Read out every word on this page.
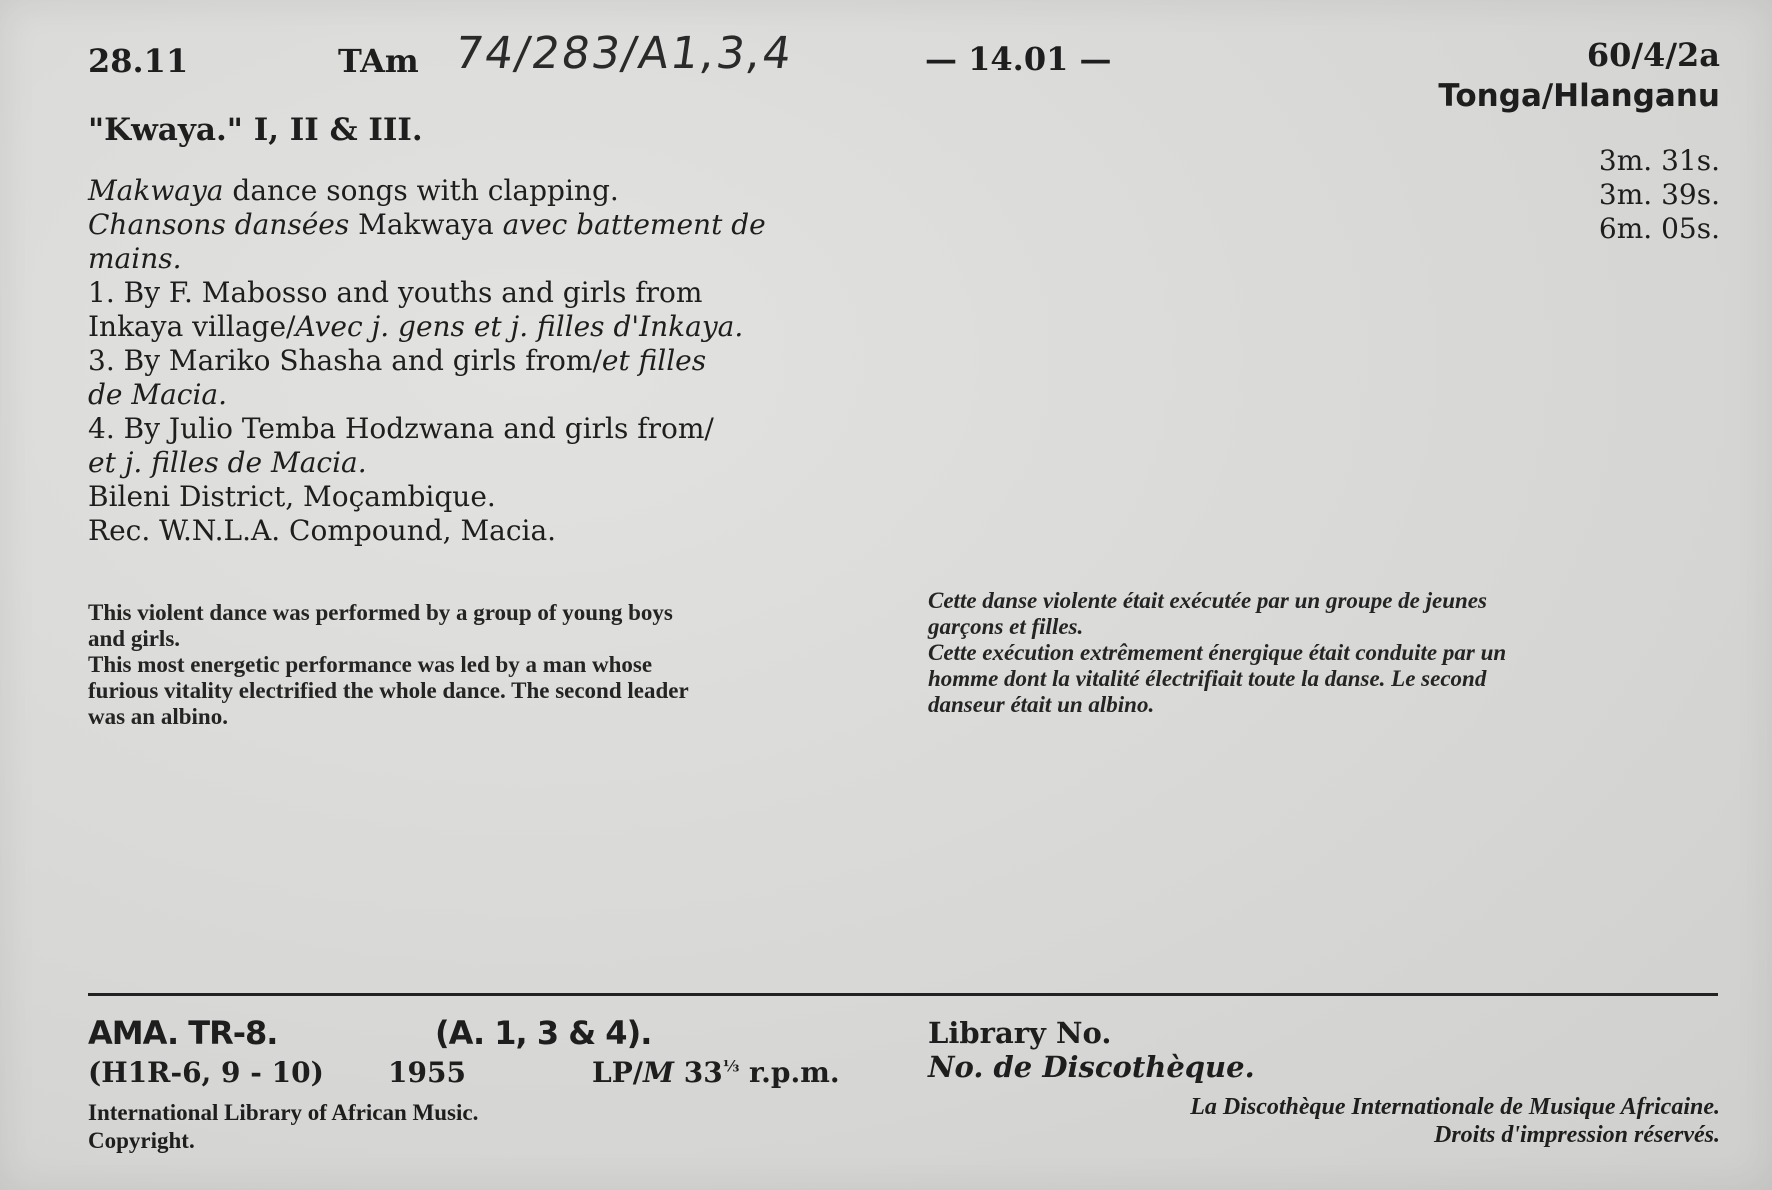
28.11	TAm 74/283/A1,3,4	— 14.01 —	60/4/2a
Tonga/Hlanganu
"Kwaya." I, II & III.
3m. 31s.
3m. 39s.
6m. 05s.
Makwaya dance songs with clapping.
Chansons dansées Makwaya avec battement de
mains.
1. By F. Mabosso and youths and girls from
Inkaya village/Avec j. gens et j. filles d'Inkaya.
3. By Mariko Shasha and girls from/et filles
de Macia.
4. By Julio Temba Hodzwana and girls from/
et j. filles de Macia.
Bileni District, Moçambique.
Rec. W.N.L.A. Compound, Macia.
This violent dance was performed by a group of young boys
and girls.
This most energetic performance was led by a man whose
furious vitality electrified the whole dance. The second leader
was an albino.
Cette danse violente était exécutée par un groupe de jeunes
garçons et filles.
Cette exécution extrêmement énergique était conduite par un
homme dont la vitalité électrifiait toute la danse. Le second
danseur était un albino.
AMA. TR-8.	(A. 1, 3 & 4).
(H1R-6, 9 - 10) 1955	LP/M $33^{\frac{1}{3}}$ r.p.m.
International Library of African Music.
Copyright.
Library No.
No. de Discothèque.
La Discothèque Internationale de Musique Africaine.
Droits d'impression réservés.
